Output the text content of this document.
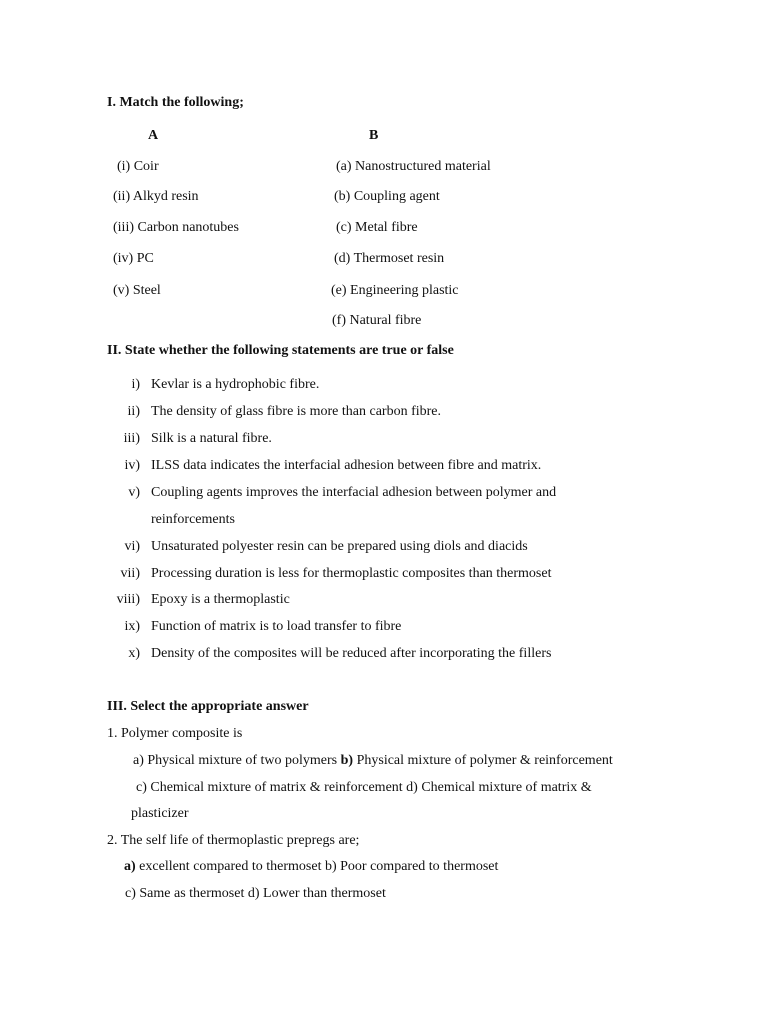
I. Match the following;
A	B
(i) Coir
(ii) Alkyd resin
(iii) Carbon nanotubes
(iv) PC
(v) Steel
(a) Nanostructured material
(b) Coupling agent
(c) Metal fibre
(d) Thermoset resin
(e) Engineering plastic
(f) Natural fibre
II. State whether the following statements are true or false
i) Kevlar is a hydrophobic fibre.
ii) The density of glass fibre is more than carbon fibre.
iii) Silk is a natural fibre.
iv) ILSS data indicates the interfacial adhesion between fibre and matrix.
v) Coupling agents improves the interfacial adhesion between polymer and
reinforcements
vi) Unsaturated polyester resin can be prepared using diols and diacids
vii) Processing duration is less for thermoplastic composites than thermoset
viii) Epoxy is a thermoplastic
ix) Function of matrix is to load transfer to fibre
x) Density of the composites will be reduced after incorporating the fillers
III. Select the appropriate answer
1. Polymer composite is
a) Physical mixture of two polymers b) Physical mixture of polymer & reinforcement
c) Chemical mixture of matrix & reinforcement d) Chemical mixture of matrix &
plasticizer
2. The self life of thermoplastic prepregs are;
a) excellent compared to thermoset b) Poor compared to thermoset
c) Same as thermoset d) Lower than thermoset
